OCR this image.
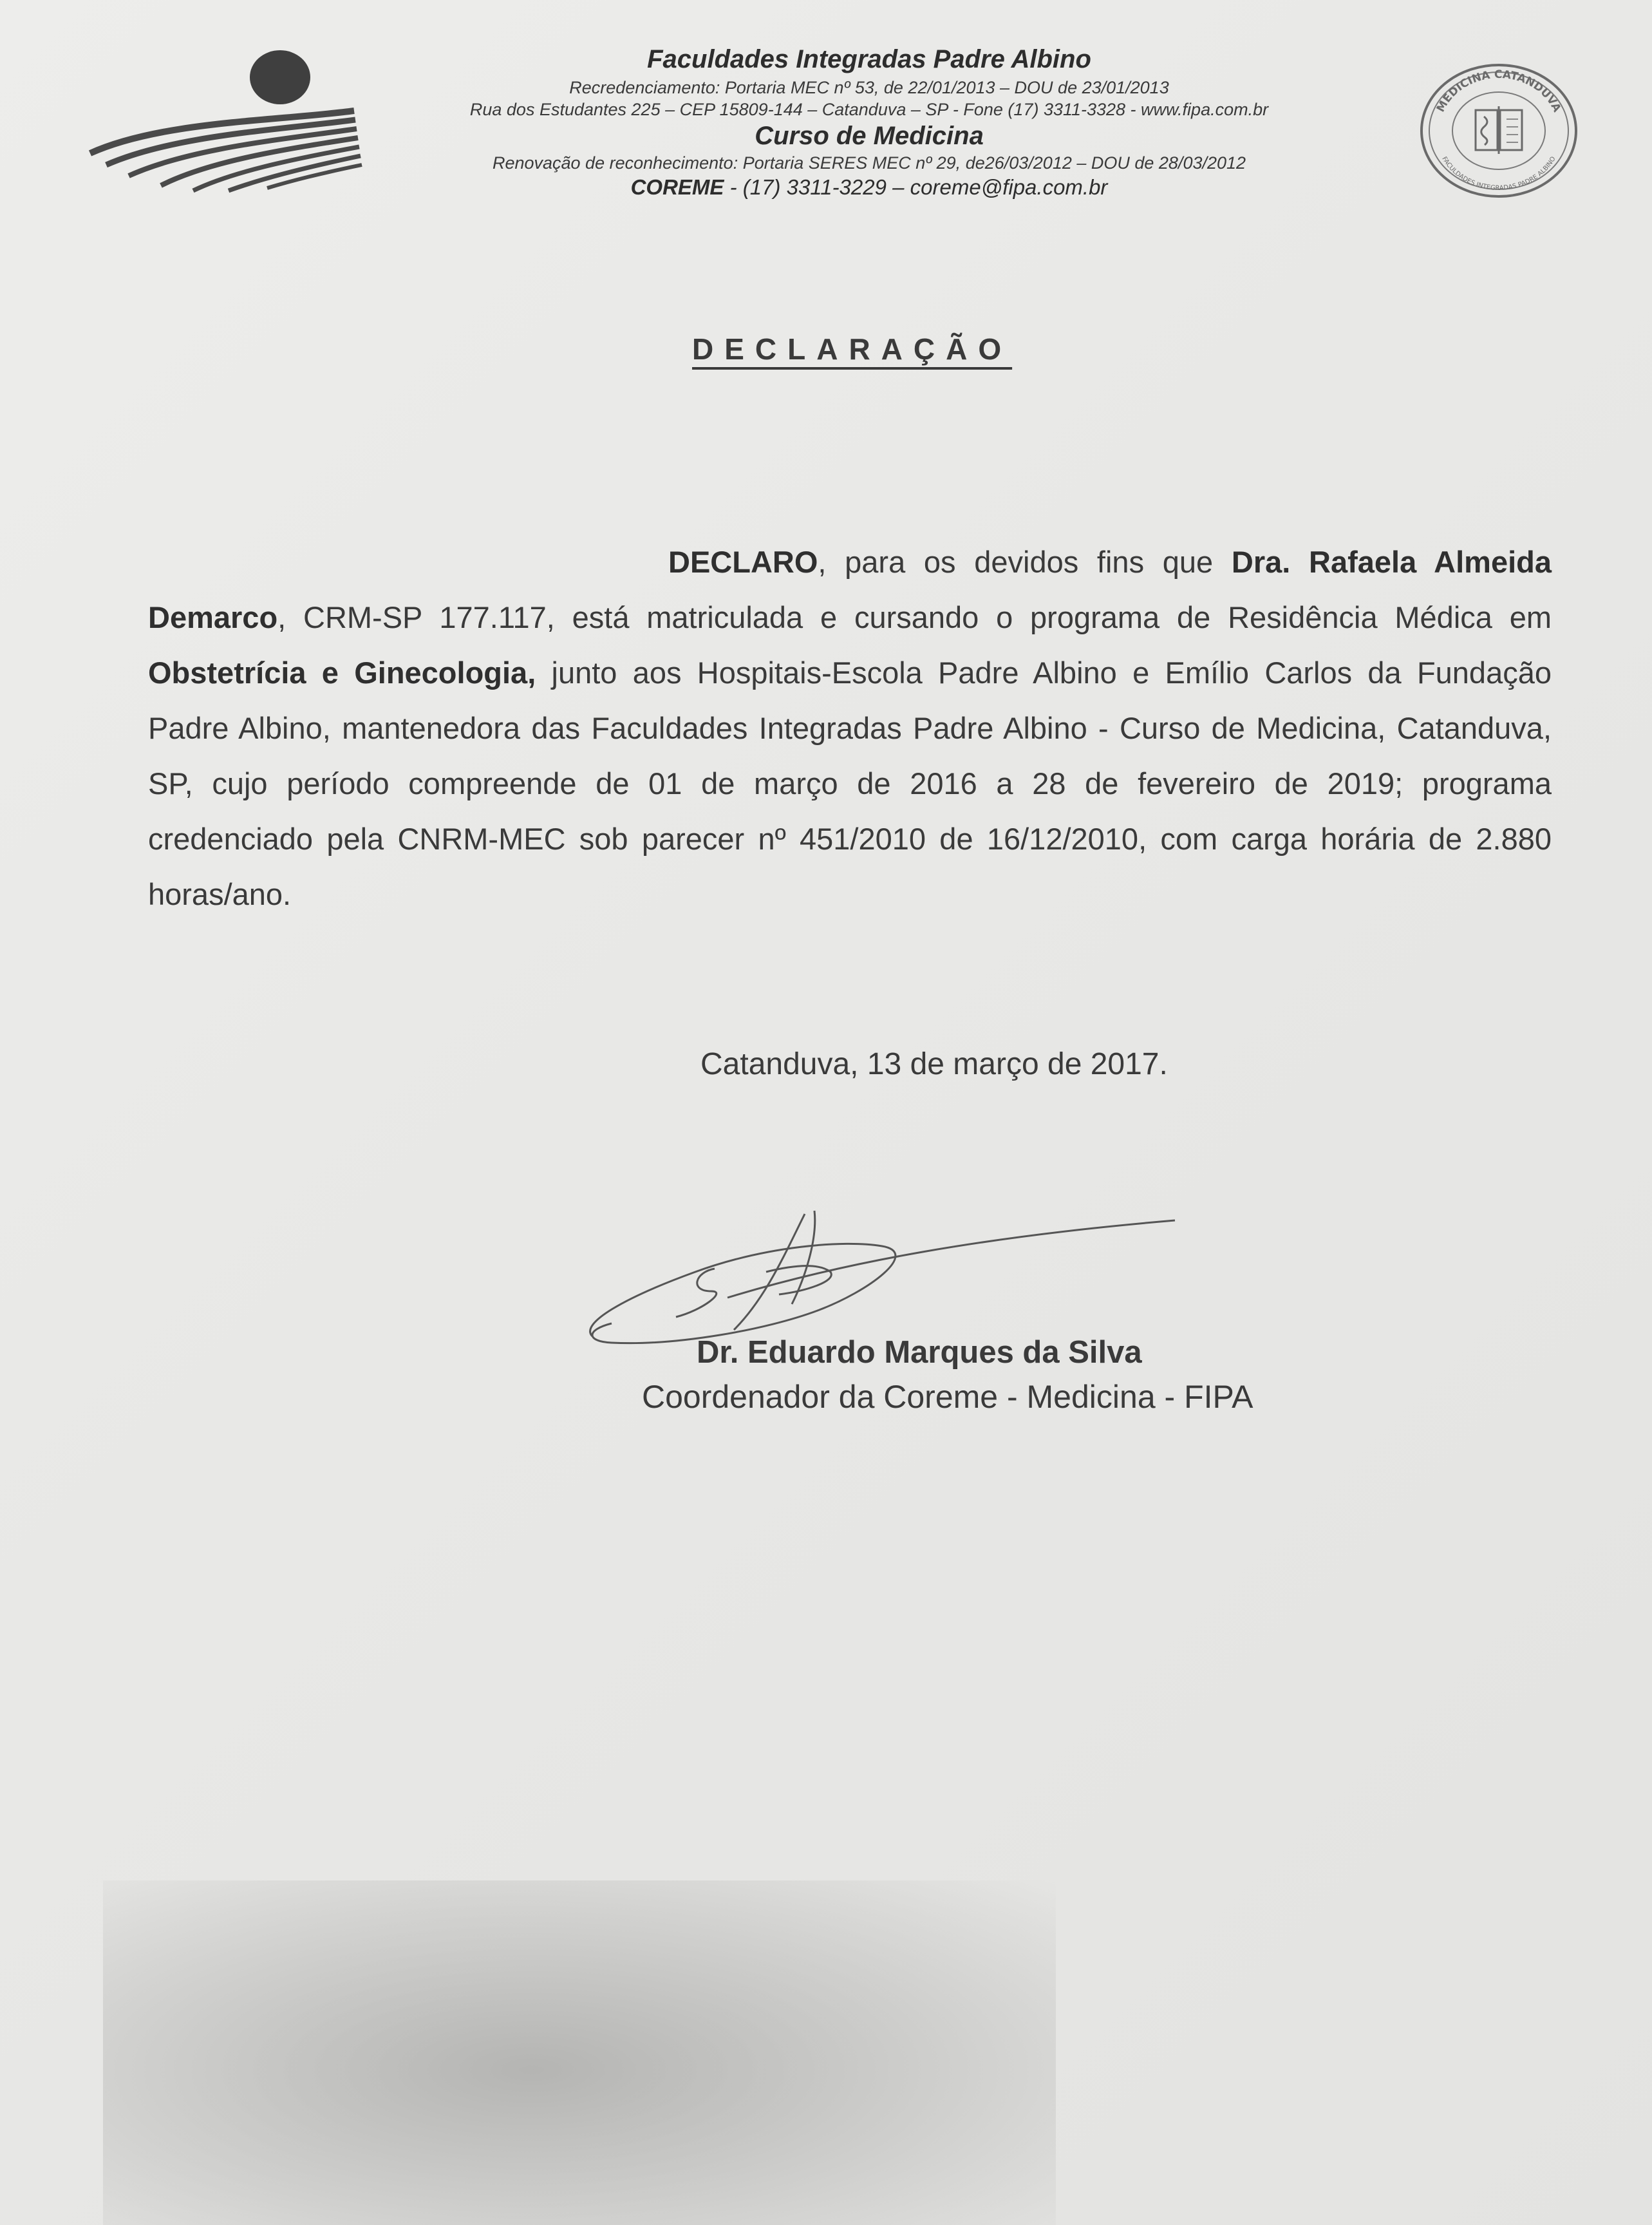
Faculdades Integradas Padre Albino
Recredenciamento: Portaria MEC nº 53, de 22/01/2013 – DOU de 23/01/2013
Rua dos Estudantes 225 – CEP 15809-144 – Catanduva – SP - Fone (17) 3311-3328 - www.fipa.com.br
Curso de Medicina
Renovação de reconhecimento: Portaria SERES MEC nº 29, de26/03/2012 – DOU de 28/03/2012
COREME - (17) 3311-3229 – coreme@fipa.com.br
MEDICINA CATANDUVA
FACULDADES INTEGRADAS PADRE ALBINO
DECLARAÇÃO
DECLARO, para os devidos fins que Dra. Rafaela Almeida Demarco, CRM-SP 177.117, está matriculada e cursando o programa de Residência Médica em Obstetrícia e Ginecologia, junto aos Hospitais-Escola Padre Albino e Emílio Carlos da Fundação Padre Albino, mantenedora das Faculdades Integradas Padre Albino - Curso de Medicina, Catanduva, SP, cujo período compreende de 01 de março de 2016 a 28 de fevereiro de 2019; programa credenciado pela CNRM-MEC sob parecer nº 451/2010 de 16/12/2010, com carga horária de 2.880 horas/ano.
Catanduva, 13 de março de 2017.
Dr. Eduardo Marques da Silva
Coordenador da Coreme - Medicina - FIPA
